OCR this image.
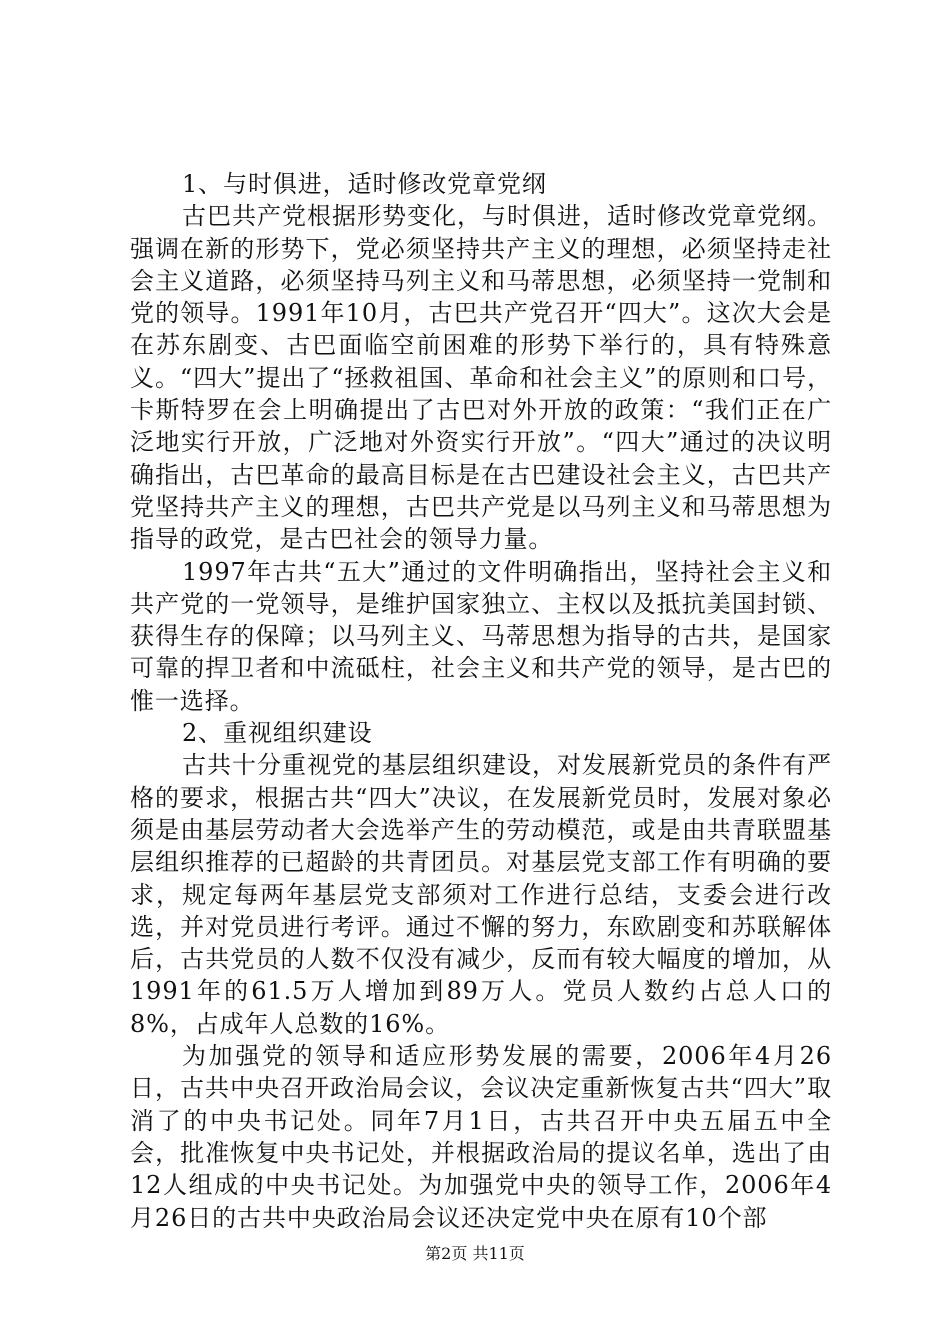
1、与时俱进，适时修改党章党纲

古巴共产党根据形势变化，与时俱进，适时修改党章党纲。强调在新的形势下，党必须坚持共产主义的理想，必须坚持走社会主义道路，必须坚持马列主义和马蒂思想，必须坚持一党制和党的领导。1991年10月，古巴共产党召开“四大”。这次大会是在苏东剧变、古巴面临空前困难的形势下举行的，具有特殊意义。“四大”提出了“拯救祖国、革命和社会主义”的原则和口号，卡斯特罗在会上明确提出了古巴对外开放的政策：“我们正在广泛地实行开放，广泛地对外资实行开放”。“四大”通过的决议明确指出，古巴革命的最高目标是在古巴建设社会主义，古巴共产党坚持共产主义的理想，古巴共产党是以马列主义和马蒂思想为指导的政党，是古巴社会的领导力量。

1997年古共“五大”通过的文件明确指出，坚持社会主义和共产党的一党领导，是维护国家独立、主权以及抵抗美国封锁、获得生存的保障；以马列主义、马蒂思想为指导的古共，是国家可靠的捍卫者和中流砥柱，社会主义和共产党的领导，是古巴的惟一选择。

2、重视组织建设

古共十分重视党的基层组织建设，对发展新党员的条件有严格的要求，根据古共“四大”决议，在发展新党员时，发展对象必须是由基层劳动者大会选举产生的劳动模范，或是由共青联盟基层组织推荐的已超龄的共青团员。对基层党支部工作有明确的要求，规定每两年基层党支部须对工作进行总结，支委会进行改选，并对党员进行考评。通过不懈的努力，东欧剧变和苏联解体后，古共党员的人数不仅没有减少，反而有较大幅度的增加，从1991年的61.5万人增加到89万人。党员人数约占总人口的8%，占成年人总数的16%。

为加强党的领导和适应形势发展的需要，2006年4月26日，古共中央召开政治局会议，会议决定重新恢复古共“四大”取消了的中央书记处。同年7月1日，古共召开中央五届五中全会，批准恢复中央书记处，并根据政治局的提议名单，选出了由12人组成的中央书记处。为加强党中央的领导工作，2006年4月26日的古共中央政治局会议还决定党中央在原有10个部

第2页 共11页
